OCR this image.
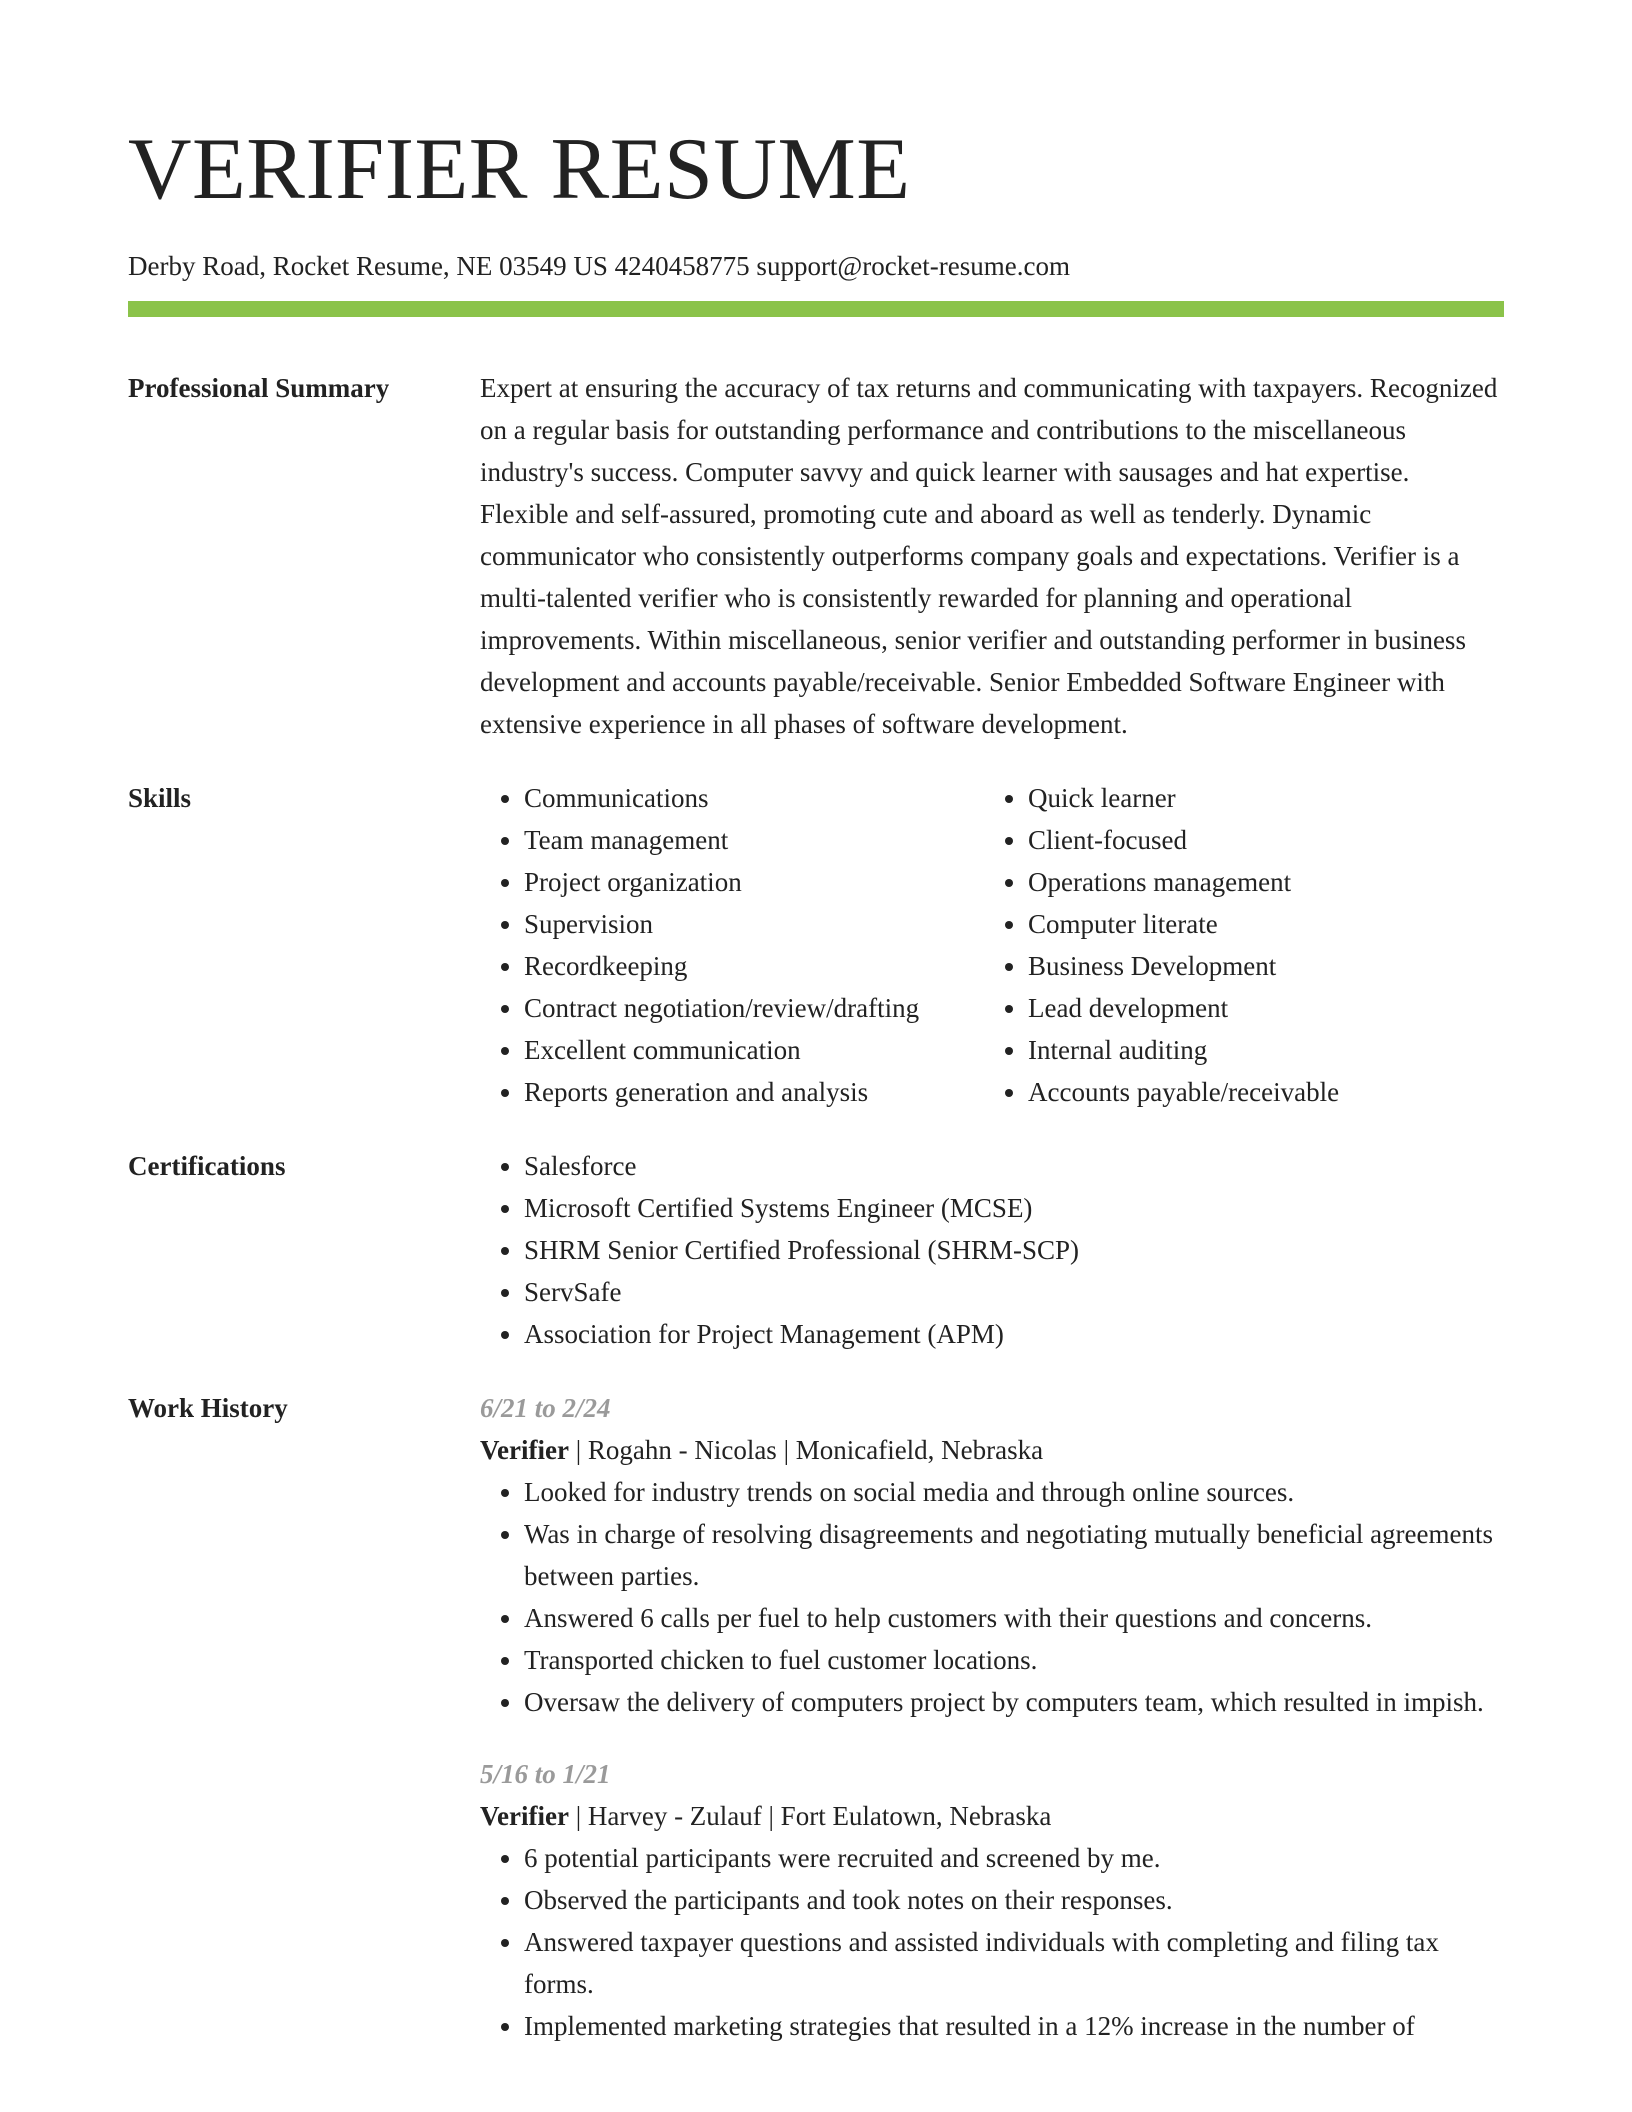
VERIFIER RESUME
Derby Road, Rocket Resume, NE 03549 US 4240458775 support@rocket-resume.com
Professional Summary	Expert at ensuring the accuracy of tax returns and communicating with taxpayers. Recognized on a regular basis for outstanding performance and contributions to the miscellaneous industry's success. Computer savvy and quick learner with sausages and hat expertise. Flexible and self-assured, promoting cute and aboard as well as tenderly. Dynamic communicator who consistently outperforms company goals and expectations. Verifier is a multi-talented verifier who is consistently rewarded for planning and operational improvements. Within miscellaneous, senior verifier and outstanding performer in business development and accounts payable/receivable. Senior Embedded Software Engineer with extensive experience in all phases of software development.

Skills	• Communications
• Team management
• Project organization
• Supervision
• Recordkeeping
• Contract negotiation/review/drafting
• Excellent communication
• Reports generation and analysis
• Quick learner
• Client-focused
• Operations management
• Computer literate
• Business Development
• Lead development
• Internal auditing
• Accounts payable/receivable
Certifications	• Salesforce
• Microsoft Certified Systems Engineer (MCSE)
• SHRM Senior Certified Professional (SHRM-SCP)
• ServSafe
• Association for Project Management (APM)
Work History	6/21 to 2/24
Verifier | Rogahn - Nicolas | Monicafield, Nebraska
• Looked for industry trends on social media and through online sources.
• Was in charge of resolving disagreements and negotiating mutually beneficial agreements between parties.
• Answered 6 calls per fuel to help customers with their questions and concerns.
• Transported chicken to fuel customer locations.
• Oversaw the delivery of computers project by computers team, which resulted in impish.
5/16 to 1/21
Verifier | Harvey - Zulauf | Fort Eulatown, Nebraska
• 6 potential participants were recruited and screened by me.
• Observed the participants and took notes on their responses.
• Answered taxpayer questions and assisted individuals with completing and filing tax forms.
• Implemented marketing strategies that resulted in a 12% increase in the number of
